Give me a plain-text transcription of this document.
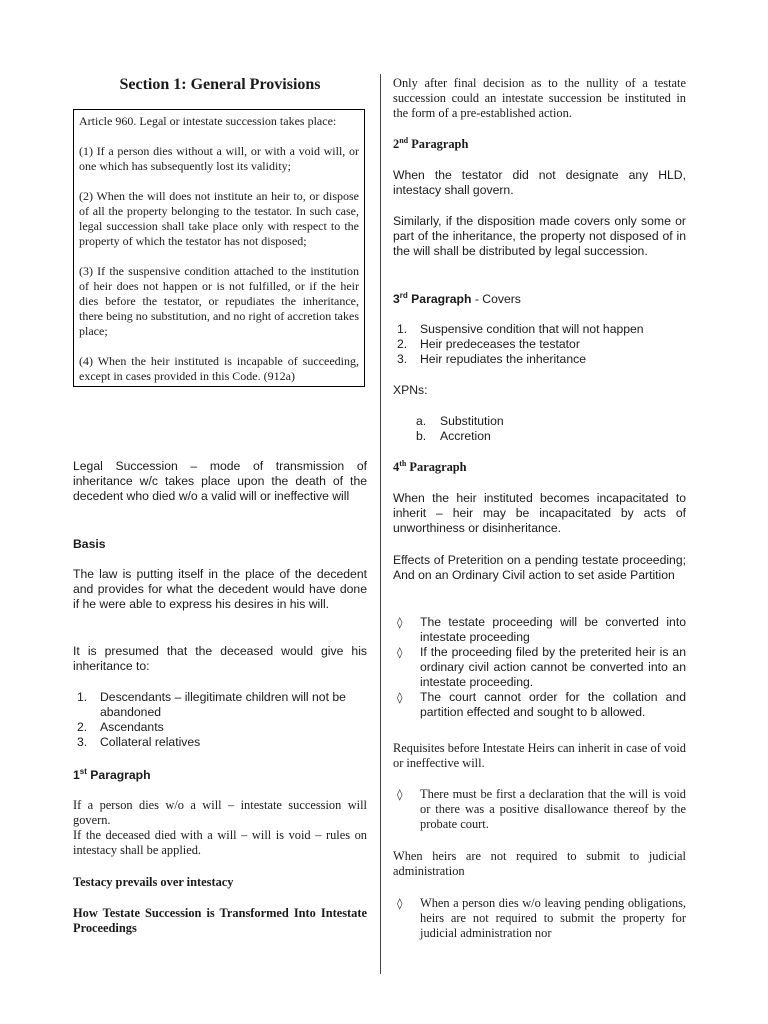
Section 1: General Provisions

Article 960. Legal or intestate succession takes place:

(1) If a person dies without a will, or with a void will, or one which has subsequently lost its validity;

(2) When the will does not institute an heir to, or dispose of all the property belonging to the testator. In such case, legal succession shall take place only with respect to the property of which the testator has not disposed;

(3) If the suspensive condition attached to the institution of heir does not happen or is not fulfilled, or if the heir dies before the testator, or repudiates the inheritance, there being no substitution, and no right of accretion takes place;

(4) When the heir instituted is incapable of succeeding, except in cases provided in this Code. (912a)

Legal Succession – mode of transmission of inheritance w/c takes place upon the death of the decedent who died w/o a valid will or ineffective will

Basis

The law is putting itself in the place of the decedent and provides for what the decedent would have done if he were able to express his desires in his will.

It is presumed that the deceased would give his inheritance to:

1. Descendants – illegitimate children will not be abandoned
2. Ascendants
3. Collateral relatives

1st Paragraph

If a person dies w/o a will – intestate succession will govern.

If the deceased died with a will – will is void – rules on intestacy shall be applied.

Testacy prevails over intestacy

How Testate Succession is Transformed Into Intestate Proceedings

Only after final decision as to the nullity of a testate succession could an intestate succession be instituted in the form of a pre-established action.

2nd Paragraph

When the testator did not designate any HLD, intestacy shall govern.

Similarly, if the disposition made covers only some or part of the inheritance, the property not disposed of in the will shall be distributed by legal succession.

3rd Paragraph - Covers

1. Suspensive condition that will not happen
2. Heir predeceases the testator
3. Heir repudiates the inheritance

XPNs:

a. Substitution
b. Accretion

4th Paragraph

When the heir instituted becomes incapacitated to inherit – heir may be incapacitated by acts of unworthiness or disinheritance.

Effects of Preterition on a pending testate proceeding; And on an Ordinary Civil action to set aside Partition

◊ The testate proceeding will be converted into intestate proceeding
◊ If the proceeding filed by the preterited heir is an ordinary civil action cannot be converted into an intestate proceeding.
◊ The court cannot order for the collation and partition effected and sought to b allowed.

Requisites before Intestate Heirs can inherit in case of void or ineffective will.

◊ There must be first a declaration that the will is void or there was a positive disallowance thereof by the probate court.

When heirs are not required to submit to judicial administration

◊ When a person dies w/o leaving pending obligations, heirs are not required to submit the property for judicial administration nor
